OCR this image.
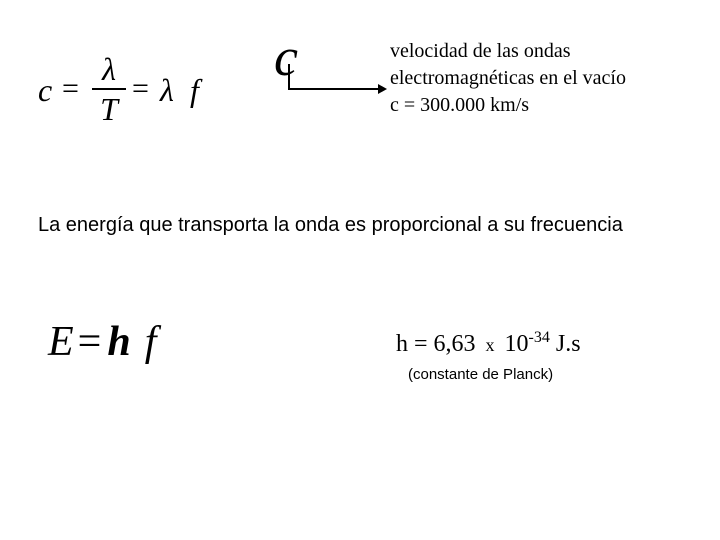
c =
λ
T
= λ f
c	velocidad de las ondas
electromagnéticas en el vacío
c = 300.000 km/s
La energía que transporta la onda es proporcional a su frecuencia
E= h f	h = 6,63 x $10^{-34}$ J.s
(constante de Planck)
